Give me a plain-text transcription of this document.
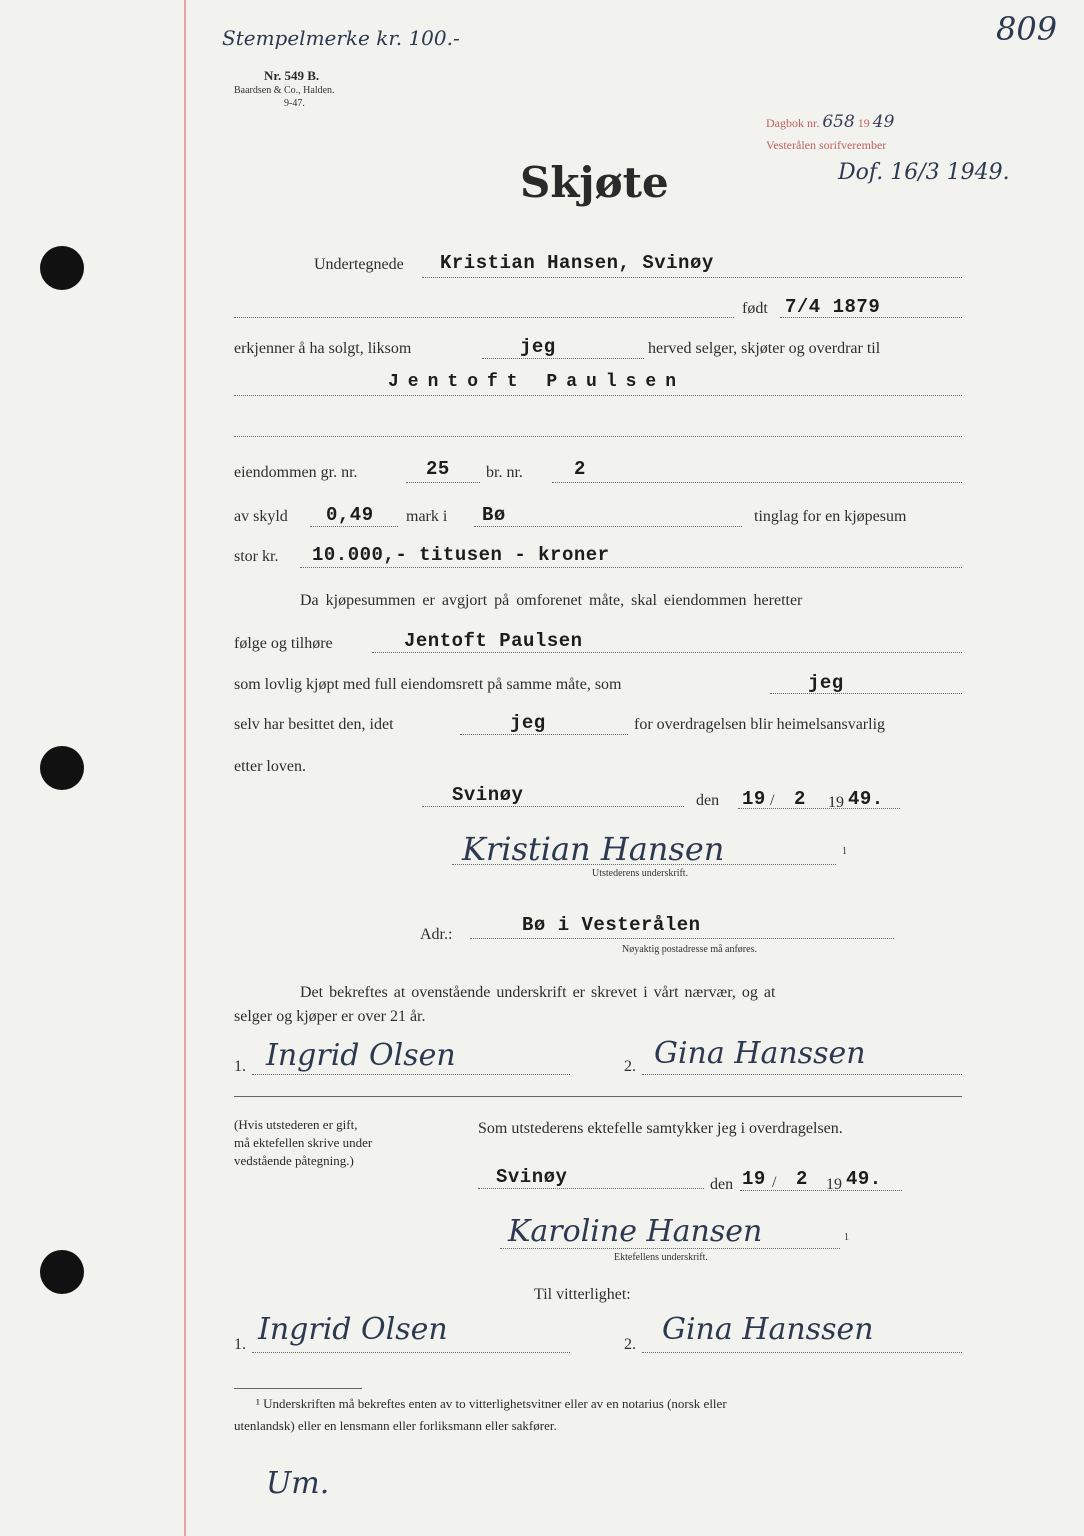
Stempelmerke kr. 100.-
Nr. 549 B.
Baardsen & Co., Halden.
9-47.
809
Dagbok nr. 658 19 49
Vesterålen sorifverember
Dof. 16/3 1949.
Skjøte
Undertegnede Kristian Hansen, Svinøy
født 7/4 1879
erkjenner å ha solgt, liksom	jeg	herved selger, skjøter og overdrar til
Jentoft Paulsen
eiendommen gr. nr.	25 br. nr.	2
av skyld 0,49 mark i Bø	tinglag for en kjøpesum
stor kr. 10.000,- titusen - kroner
Da kjøpesummen er avgjort på omforenet måte, skal eiendommen heretter
følge og tilhøre	Jentoft Paulsen
som lovlig kjøpt med full eiendomsrett på samme måte, som	jeg
selv har besittet den, idet	jeg	for overdragelsen blir heimelsansvarlig
etter loven.
Svinøy	den 19 / 2 19 49.
Kristian Hansen	1
Utstederens underskrift.
Adr.:	Bø i Vesterålen
Nøyaktig postadresse må anføres.
Det bekreftes at ovenstående underskrift er skrevet i vårt nærvær, og at
selger og kjøper er over 21 år.
1. Ingrid Olsen	2. Gina Hanssen
(Hvis utstederen er gift,
må ektefellen skrive under
vedstående påtegning.)
Som utstederens ektefelle samtykker jeg i overdragelsen.
Svinøy	den 19 / 2 19 49.
Karoline Hansen	1
Ektefellens underskrift.
Til vitterlighet:
1. Ingrid Olsen	2. Gina Hanssen
¹ Underskriften må bekreftes enten av to vitterlighetsvitner eller av en notarius (norsk eller
utenlandsk) eller en lensmann eller forliksmann eller sakfører.
Um.
